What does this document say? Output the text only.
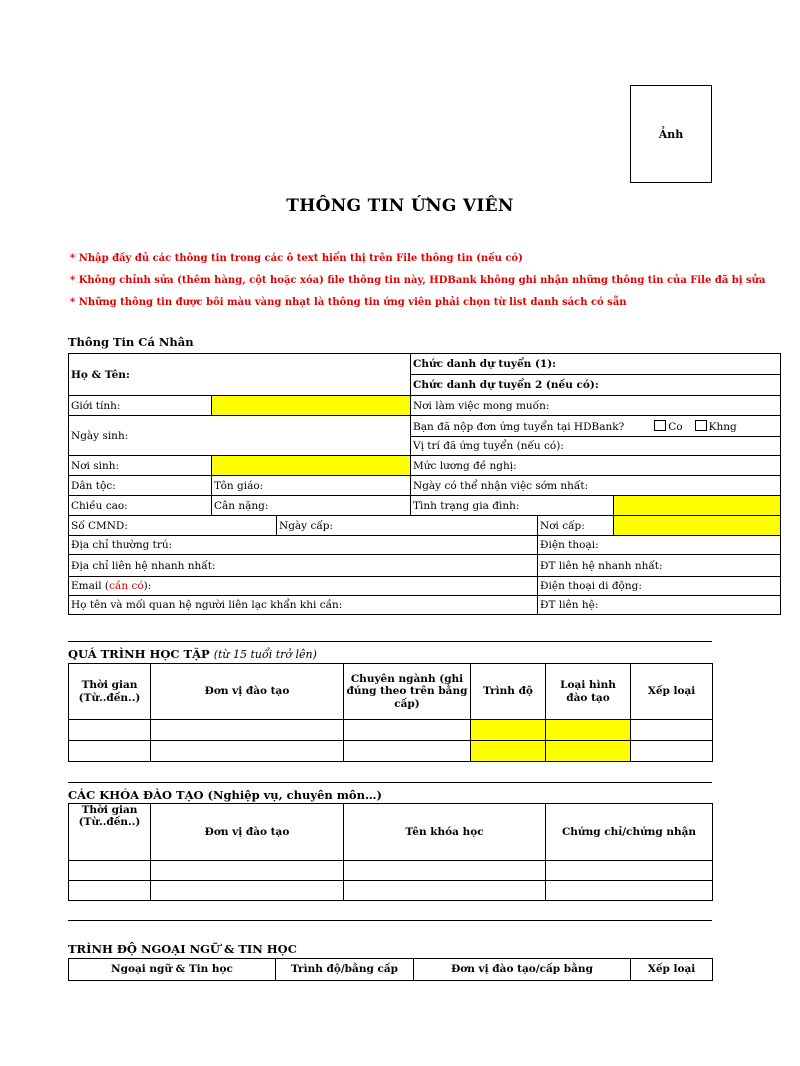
Ảnh
THÔNG TIN ỨNG VIÊN
* Nhập đầy đủ các thông tin trong các ô text hiển thị trên File thông tin (nếu có)
* Không chỉnh sửa (thêm hàng, cột hoặc xóa) file thông tin này, HDBank không ghi nhận những thông tin của File đã bị sửa
* Những thông tin được bôi màu vàng nhạt là thông tin ứng viên phải chọn từ list danh sách có sẵn
Thông Tin Cá Nhân
Họ & Tên:			Chức danh dự tuyển (1):		
			Chức danh dự tuyển 2 (nếu có):		
Giới tính:			Nơi làm việc mong muốn:		
Ngày sinh:			Bạn đã nộp đơn ứng tuyển tại HDBank? Co Khng		
			Vị trí đã ứng tuyển (nếu có):		
Nơi sinh:			Mức lương đề nghị:		
Dân tộc:	Tôn giáo:		Ngày có thể nhận việc sớm nhất:		
Chiều cao:	Cân nặng:		Tình trạng gia đình:		
Số CMND:		Ngày cấp:		Nơi cấp:	
Địa chỉ thường trú:				Điện thoại:	
Địa chỉ liên hệ nhanh nhất:				ĐT liên hệ nhanh nhất:	
Email (cần có):				Điện thoại di động:	
Họ tên và mối quan hệ người liên lạc khẩn khi cần:				ĐT liên hệ:	
QUÁ TRÌNH HỌC TẬP (từ 15 tuổi trở lên)
Thời gian (Từ..đến..)	Đơn vị đào tạo	Chuyên ngành (ghi đúng theo trên bằng cấp)	Trình độ	Loại hình đào tạo	Xếp loại

CÁC KHÓA ĐÀO TẠO (Nghiệp vụ, chuyên môn…)
Thời gian (Từ..đến..)	Đơn vị đào tạo	Tên khóa học	Chứng chỉ/chứng nhận

TRÌNH ĐỘ NGOẠI NGỮ & TIN HỌC
Ngoại ngữ & Tin học	Trình độ/bằng cấp	Đơn vị đào tạo/cấp bằng	Xếp loại
